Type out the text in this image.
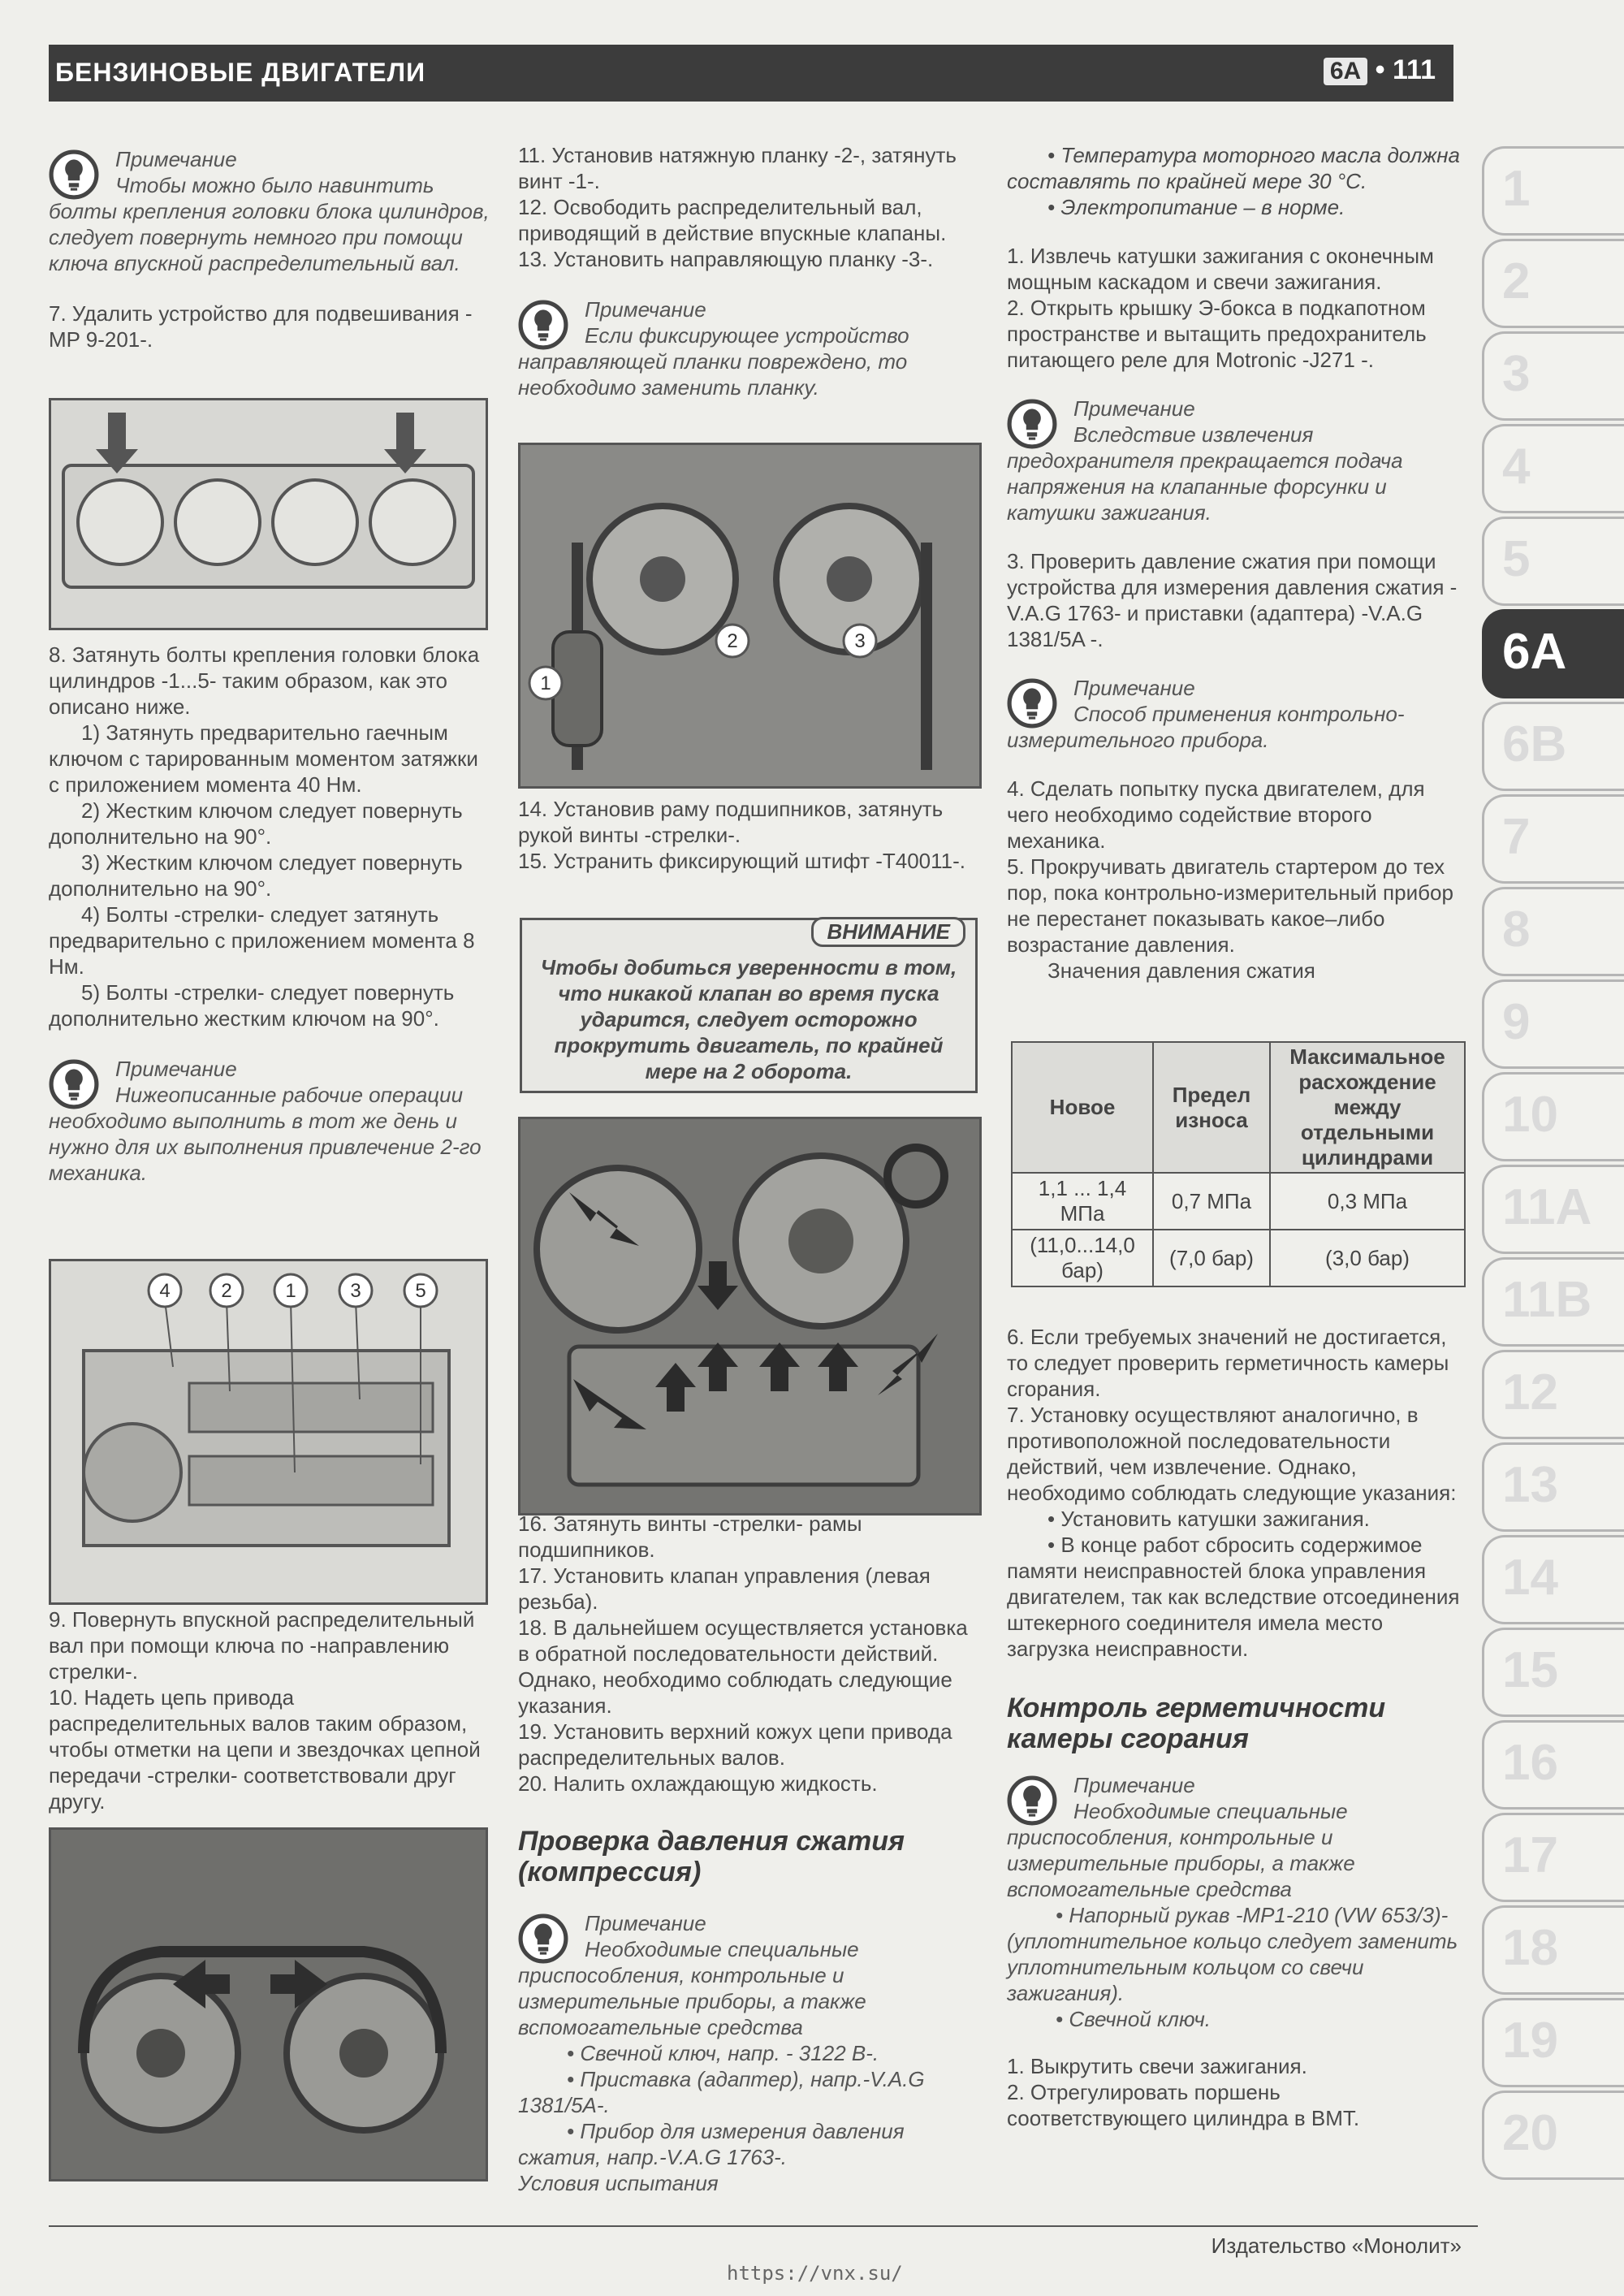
БЕНЗИНОВЫЕ ДВИГАТЕЛИ	6A • 111

Примечание

Чтобы можно было навинтить болты крепления головки блока цилиндров, следует повернуть немного при помощи ключа впускной распределительный вал.

7. Удалить устройство для подвешивания -MP 9-201-.

8. Затянуть болты крепления головки блока цилиндров -1...5- таким образом, как это описано ниже.

1) Затянуть предварительно гаечным ключом с тарированным моментом затяжки с приложением момента 40 Нм.

2) Жестким ключом следует повернуть дополнительно на 90°.

3) Жестким ключом следует повернуть дополнительно на 90°.

4) Болты -стрелки- следует затянуть предварительно с приложением момента 8 Нм.

5) Болты -стрелки- следует повернуть дополнительно жестким ключом на 90°.

Примечание

Нижеописанные рабочие операции необходимо выполнить в тот же день и нужно для их выполнения привлечение 2-го механика.

4	2	1	3	5

9. Повернуть впускной распределительный вал при помощи ключа по -направлению стрелки-.

10. Надеть цепь привода распределительных валов таким образом, чтобы отметки на цепи и звездочках цепной передачи -стрелки- соответствовали друг другу.

11. Установив натяжную планку -2-, затянуть винт -1-.

12. Освободить распределительный вал, приводящий в действие впускные клапаны.

13. Установить направляющую планку -3-.

Примечание

Если фиксирующее устройство направляющей планки повреждено, то необходимо заменить планку.

1
2	3

14. Установив раму подшипников, затянуть рукой винты -стрелки-.

15. Устранить фиксирующий штифт -T40011-.

ВНИМАНИЕ
Чтобы добиться уверенности в том, что никакой клапан во время пуска ударится, следует осторожно прокрутить двигатель, по крайней мере на 2 оборота.

16. Затянуть винты -стрелки- рамы подшипников.

17. Установить клапан управления (левая резьба).

18. В дальнейшем осуществляется установка в обратной последовательности действий. Однако, необходимо соблюдать следующие указания.

19. Установить верхний кожух цепи привода распределительных валов.

20. Налить охлаждающую жидкость.

Проверка давления сжатия (компрессия)

Примечание

Необходимые специальные приспособления, контрольные и измерительные приборы, а также вспомогательные средства

• Свечной ключ, напр. - 3122 B-.

• Приставка (адаптер), напр.-V.A.G 1381/5A-.

• Прибор для измерения давления сжатия, напр.-V.A.G 1763-.

Условия испытания

• Температура моторного масла должна составлять по крайней мере 30 °С.

• Электропитание – в норме.

1. Извлечь катушки зажигания с оконечным мощным каскадом и свечи зажигания.

2. Открыть крышку Э-бокса в подкапотном пространстве и вытащить предохранитель питающего реле для Motronic -J271 -.

Примечание

Вследствие извлечения предохранителя прекращается подача напряжения на клапанные форсунки и катушки зажигания.

3. Проверить давление сжатия при помощи устройства для измерения давления сжатия -V.A.G 1763- и приставки (адаптера) -V.A.G 1381/5A -.

Примечание

Способ применения контрольно-измерительного прибора.

4. Сделать попытку пуска двигателем, для чего необходимо содействие второго механика.

5. Прокручивать двигатель стартером до тех пор, пока контрольно-измерительный прибор не перестанет показывать какое–либо возрастание давления.

Значения давления сжатия

Новое	Предел износа	Максимальное расхождение между отдельными цилиндрами
1,1 ... 1,4 МПа	0,7 МПа	0,3 МПа
(11,0...14,0 бар)	(7,0 бар)	(3,0 бар)

6. Если требуемых значений не достигается, то следует проверить герметичность камеры сгорания.

7. Установку осуществляют аналогично, в противоположной последовательности действий, чем извлечение. Однако, необходимо соблюдать следующие указания:

• Установить катушки зажигания.

• В конце работ сбросить содержимое памяти неисправностей блока управления двигателем, так как вследствие отсоединения штекерного соединителя имела место загрузка неисправности.

Контроль герметичности камеры сгорания

Примечание

Необходимые специальные приспособления, контрольные и измерительные приборы, а также вспомогательные средства

• Напорный рукав -MP1-210 (VW 653/3)- (уплотнительное кольцо следует заменить уплотнительным кольцом со свечи зажигания).

• Свечной ключ.

1. Выкрутить свечи зажигания.

2. Отрегулировать поршень соответствующего цилиндра в ВМТ.

1
2
3
4
5
6A
6B
7
8
9
10
11A
11B
12
13
14
15
16
17
18
19
20
Издательство «Монолит»
https://vnx.su/
